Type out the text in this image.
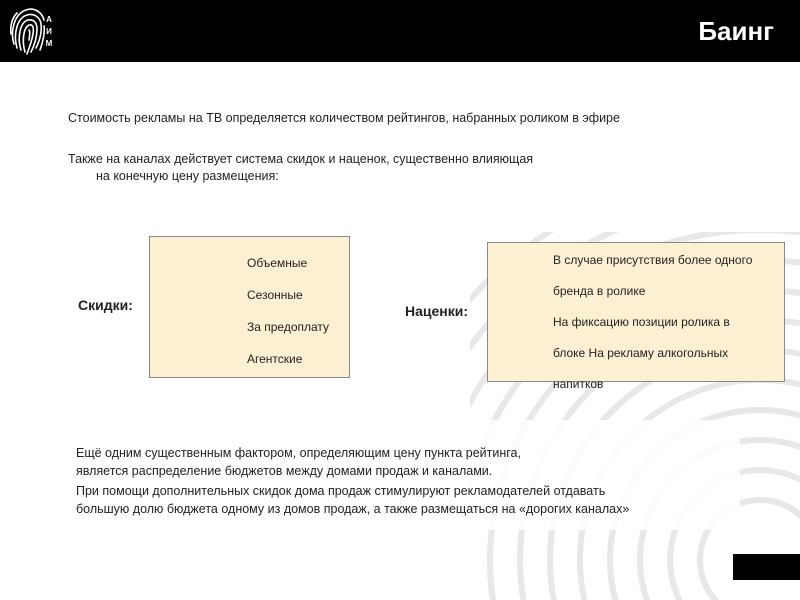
А
И
М	Баинг
Стоимость рекламы на ТВ определяется количеством рейтингов, набранных роликом в эфире
Также на каналах действует система скидок и наценок, существенно влияющая
на конечную цену размещения:
Скидки:
Объемные
Сезонные
За предоплату
Агентские
Наценки:
В случае присутствия более одного
бренда в ролике
На фиксацию позиции ролика в
блоке На рекламу алкогольных
напитков
Ещё одним существенным фактором, определяющим цену пункта рейтинга,
является распределение бюджетов между домами продаж и каналами.
При помощи дополнительных скидок дома продаж стимулируют рекламодателей отдавать
большую долю бюджета одному из домов продаж, а также размещаться на «дорогих каналах»
